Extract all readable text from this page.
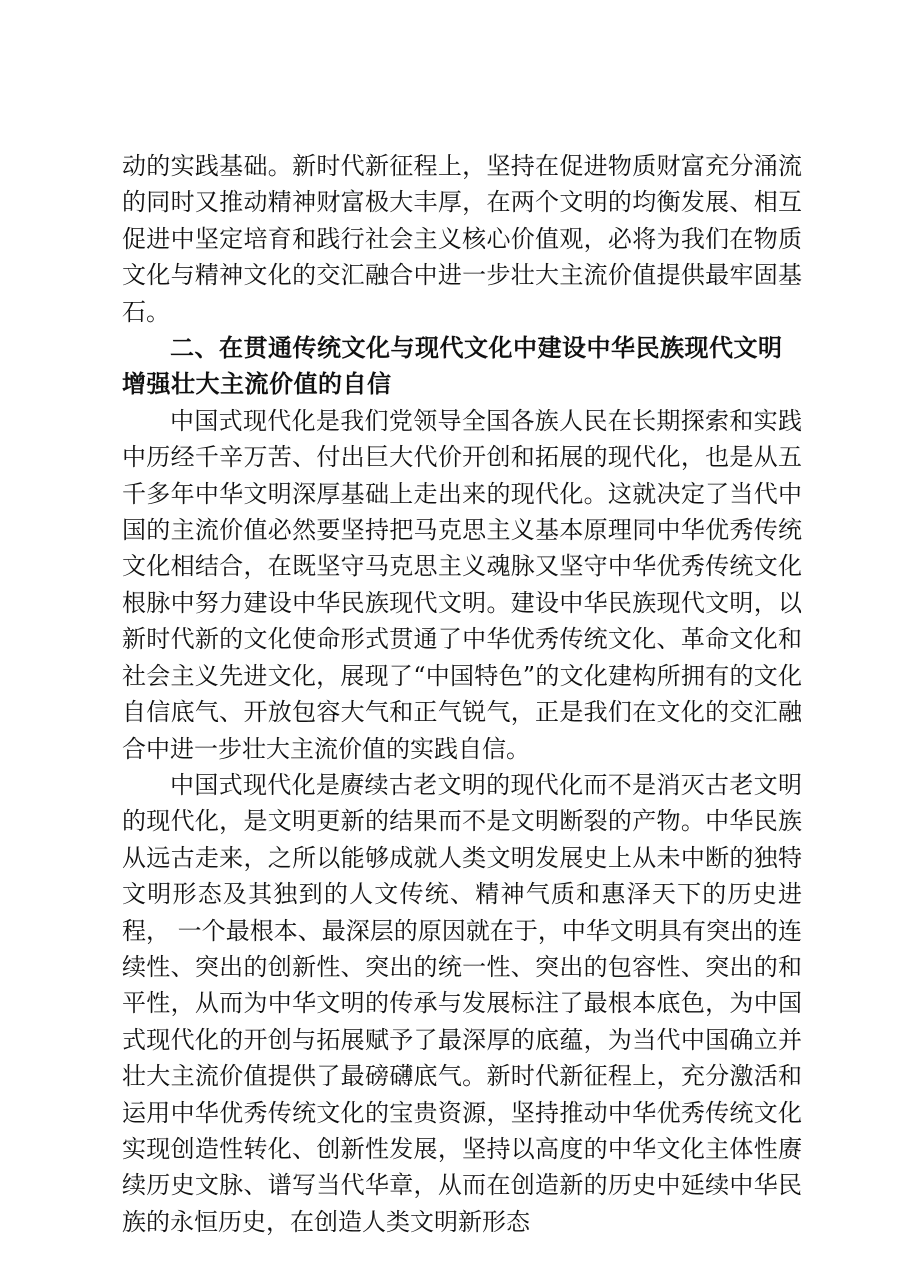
动的实践基础。新时代新征程上，坚持在促进物质财富充分涌流的同时又推动精神财富极大丰厚，在两个文明的均衡发展、相互促进中坚定培育和践行社会主义核心价值观，必将为我们在物质文化与精神文化的交汇融合中进一步壮大主流价值提供最牢固基石。

二、在贯通传统文化与现代文化中建设中华民族现代文明增强壮大主流价值的自信

中国式现代化是我们党领导全国各族人民在长期探索和实践中历经千辛万苦、付出巨大代价开创和拓展的现代化，也是从五千多年中华文明深厚基础上走出来的现代化。这就决定了当代中国的主流价值必然要坚持把马克思主义基本原理同中华优秀传统文化相结合，在既坚守马克思主义魂脉又坚守中华优秀传统文化根脉中努力建设中华民族现代文明。建设中华民族现代文明，以新时代新的文化使命形式贯通了中华优秀传统文化、革命文化和社会主义先进文化，展现了“中国特色”的文化建构所拥有的文化自信底气、开放包容大气和正气锐气，正是我们在文化的交汇融合中进一步壮大主流价值的实践自信。

中国式现代化是赓续古老文明的现代化而不是消灭古老文明的现代化，是文明更新的结果而不是文明断裂的产物。中华民族从远古走来，之所以能够成就人类文明发展史上从未中断的独特文明形态及其独到的人文传统、精神气质和惠泽天下的历史进程， 一个最根本、最深层的原因就在于，中华文明具有突出的连续性、突出的创新性、突出的统一性、突出的包容性、突出的和平性，从而为中华文明的传承与发展标注了最根本底色，为中国式现代化的开创与拓展赋予了最深厚的底蕴，为当代中国确立并壮大主流价值提供了最磅礴底气。新时代新征程上，充分激活和运用中华优秀传统文化的宝贵资源，坚持推动中华优秀传统文化实现创造性转化、创新性发展，坚持以高度的中华文化主体性赓续历史文脉、谱写当代华章，从而在创造新的历史中延续中华民族的永恒历史，在创造人类文明新形态
